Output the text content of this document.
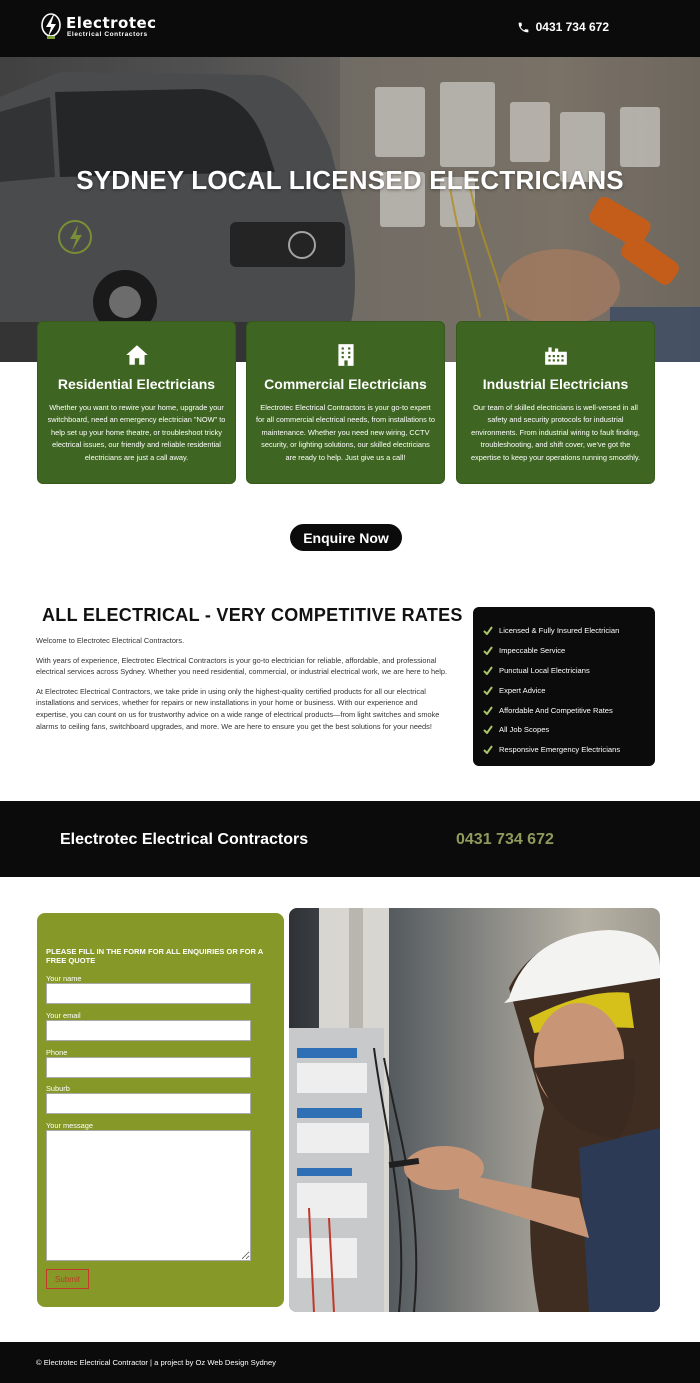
Electrotec
Electrical Contractors
0431 734 672
SYDNEY LOCAL LICENSED ELECTRICIANS
Residential Electricians

Whether you want to rewire your home, upgrade your switchboard, need an emergency electrician "NOW" to help set up your home theatre, or troubleshoot tricky electrical issues, our friendly and reliable residential electricians are just a call away.

Commercial Electricians

Electrotec Electrical Contractors is your go-to expert for all commercial electrical needs, from installations to maintenance. Whether you need new wiring, CCTV security, or lighting solutions, our skilled electricians are ready to help. Just give us a call!

Industrial Electricians

Our team of skilled electricians is well-versed in all safety and security protocols for industrial environments. From industrial wiring to fault finding, troubleshooting, and shift cover, we've got the expertise to keep your operations running smoothly.

Enquire Now
ALL ELECTRICAL - VERY COMPETITIVE RATES

Welcome to Electrotec Electrical Contractors.

With years of experience, Electrotec Electrical Contractors is your go-to electrician for reliable, affordable, and professional electrical services across Sydney. Whether you need residential, commercial, or industrial electrical work, we are here to help.

At Electrotec Electrical Contractors, we take pride in using only the highest-quality certified products for all our electrical installations and services, whether for repairs or new installations in your home or business. With our experience and expertise, you can count on us for trustworthy advice on a wide range of electrical products—from light switches and smoke alarms to ceiling fans, switchboard upgrades, and more. We are here to ensure you get the best solutions for your needs!

Licensed & Fully Insured Electrician
Impeccable Service
Punctual Local Electricians
Expert Advice
Affordable And Competitive Rates
All Job Scopes
Responsive Emergency Electricians
Electrotec Electrical Contractors	0431 734 672
PLEASE FILL IN THE FORM FOR ALL ENQUIRIES OR FOR A FREE QUOTE
Your name
Your email
Phone
Suburb
Your message
Submit
© Electrotec Electrical Contractor | a project by Oz Web Design Sydney
